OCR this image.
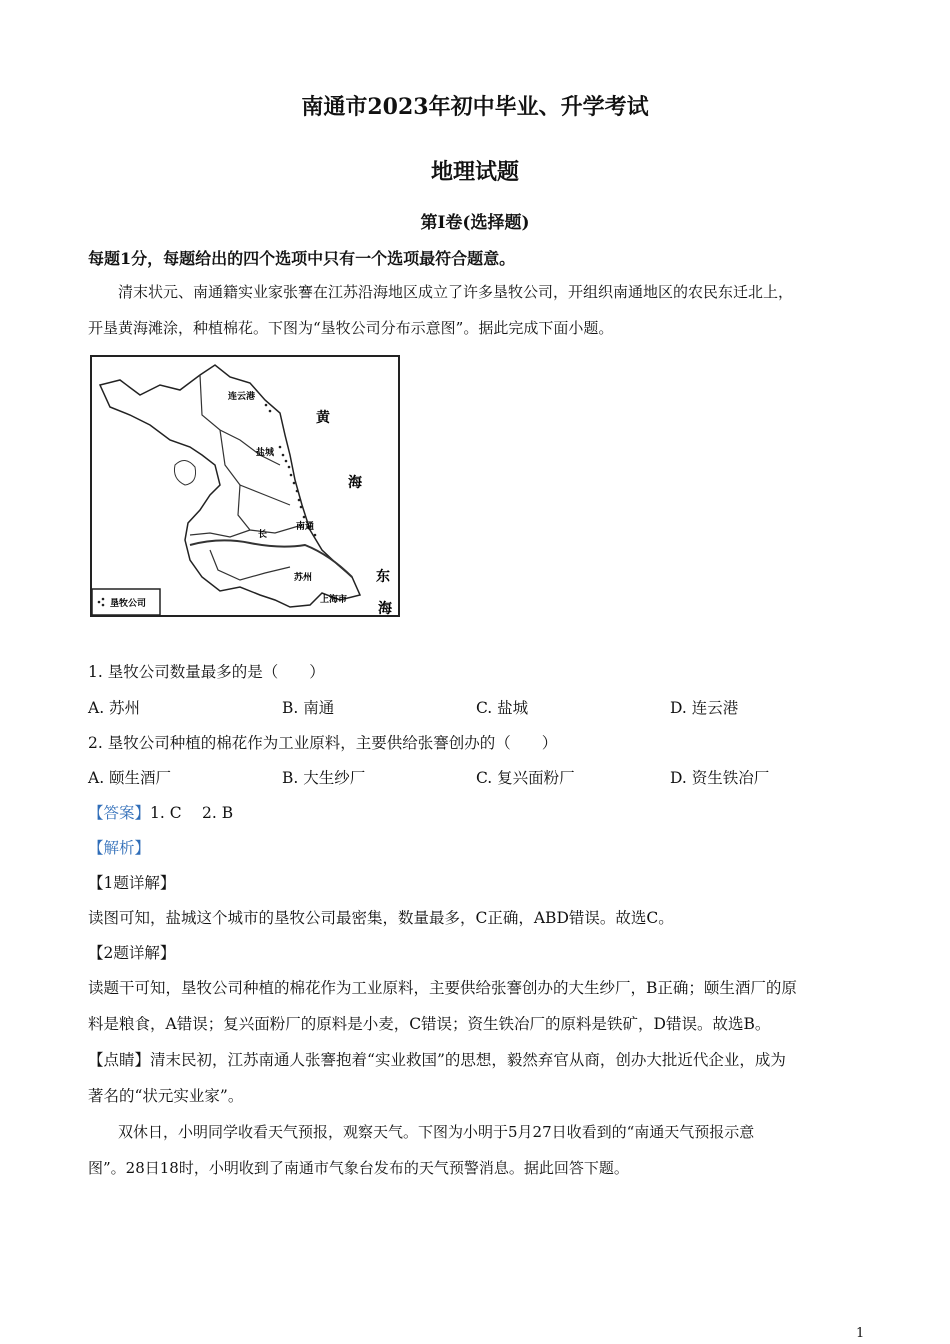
南通市2023年初中毕业、升学考试
地理试题
第Ⅰ卷(选择题)
每题1分，每题给出的四个选项中只有一个选项最符合题意。
清末状元、南通籍实业家张謇在江苏沿海地区成立了许多垦牧公司，开组织南通地区的农民东迁北上，
开垦黄海滩涂，种植棉花。下图为“垦牧公司分布示意图”。据此完成下面小题。
连云港
盐城
南通
长
苏州
上海市
黄
海
东
海
垦牧公司
1. 垦牧公司数量最多的是（　　）
A. 苏州	B. 南通	C. 盐城	D. 连云港
2. 垦牧公司种植的棉花作为工业原料，主要供给张謇创办的（　　）
A. 颐生酒厂	B. 大生纱厂	C. 复兴面粉厂	D. 资生铁冶厂
【答案】1. C　 2. B
【解析】
【1题详解】
读图可知，盐城这个城市的垦牧公司最密集，数量最多，C正确，ABD错误。故选C。
【2题详解】
读题干可知，垦牧公司种植的棉花作为工业原料，主要供给张謇创办的大生纱厂，B正确；颐生酒厂的原
料是粮食，A错误；复兴面粉厂的原料是小麦，C错误；资生铁冶厂的原料是铁矿，D错误。故选B。
【点睛】清末民初，江苏南通人张謇抱着“实业救国”的思想，毅然弃官从商，创办大批近代企业，成为
著名的“状元实业家”。
双休日，小明同学收看天气预报，观察天气。下图为小明于5月27日收看到的“南通天气预报示意
图”。28日18时，小明收到了南通市气象台发布的天气预警消息。据此回答下题。
1
